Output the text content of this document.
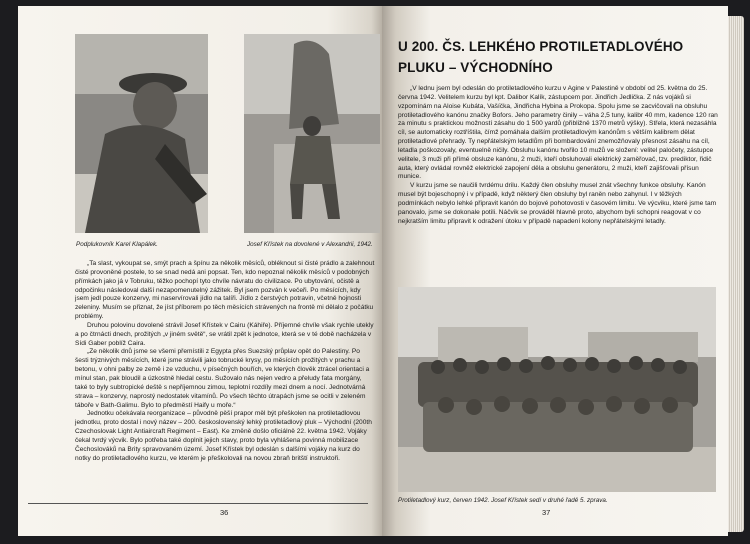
Podplukovník Karel Klapálek.	Josef Křístek na dovolené v Alexandrii, 1942.

„Ta slast, vykoupat se, smýt prach a špínu za několik měsíců, obléknout si čisté prádlo a zalehnout čisté provoněné postele, to se snad nedá ani popsat. Ten, kdo nepoznal několik měsíců v podobných přímkách jako já v Tobruku, těžko pochopí tyto chvíle návratu do civilizace. Po ubytování, očistě a odpočinku následoval další nezapomenutelný zážitek. Byl jsem pozván k večeři. Po měsících, kdy jsem jedl pouze konzervy, mi naservírovali jídlo na talíři. Jídlo z čerstvých potravin, včetně hojnosti zeleniny. Musím se přiznat, že jíst příborem po těch měsících strávených na frontě mi dělalo z počátku problémy.

Druhou polovinu dovolené strávil Josef Křístek v Cairu (Káhiře). Příjemné chvíle však rychle utekly a po čtrnácti dnech, prožitých „v jiném světě“, se vrátil zpět k jednotce, která se v té době nacházela v Sídi Gaber poblíž Caira.

„Ze několik dnů jsme se všemi přemístili z Egypta přes Suezský průplav opět do Palestiny. Po šesti trýznivých měsících, které jsme strávili jako tobrucké krysy, po měsících prožitých v prachu a betonu, v ohni palby ze země i ze vzduchu, v písečných bouřích, ve kterých člověk ztrácel orientaci a mínul stan, pak bloudil a úzkostně hledal cestu. Sužovalo nás nejen vedro a přeludy fata morgány, také to byly subtropické deště s nepříjemnou zimou, teplotní rozdíly mezi dnem a nocí. Jednotvárná strava – konzervy, naprostý nedostatek vitamínů. Po všech těchto útrapách jsme se ocitli v zeleném táboře v Bath-Galimu. Bylo to předměstí Haify u moře.“

Jednotku očekávala reorganizace – původně pěší prapor měl být přeškolen na protiletadlovou jednotku, proto dostal i nový název – 200. československý lehký protiletadlový pluk – Východní (200th Czechoslovak Light Antiaircraft Regiment – East). Ke změně došlo oficiálně 22. května 1942. Vojáky čekal tvrdý výcvik. Bylo potřeba také doplnit jejich stavy, proto byla vyhlášena povinná mobilizace Čechoslováků na Brity spravovaném území. Josef Křístek byl odeslán s dalšími vojáky na kurz do notky do protiletadlového kurzu, ve kterém je přeškolovali na novou zbraň britští instruktoři.

36
U 200. ČS. LEHKÉHO PROTILETADLOVÉHO PLUKU – VÝCHODNÍHO

„V lednu jsem byl odeslán do protiletadlového kurzu v Agine v Palestině v období od 25. května do 25. června 1942. Velitelem kurzu byl kpt. Dalibor Kalík, zástupcem por. Jindřich Jedlička. Z nás vojáků si vzpomínám na Aloise Kubáta, Vašíčka, Jindřicha Hybina a Prokopa. Spolu jsme se zacvičovali na obsluhu protiletadlového kanónu značky Bofors. Jeho parametry činily – váha 2,5 tuny, kalibr 40 mm, kadence 120 ran za minutu s praktickou možností zásahu do 1 500 yardů (přibližně 1370 metrů výšky). Střela, která nezasáhla cíl, se automaticky roztříštila, čímž pomáhala dalším protiletadlovým kanónům s větším kalibrem dělat protiletadlové přehrady. Ty nepřátelským letadlům při bombardování znemožňovaly přesnost zásahu na cíl, letadla poškozovaly, eventuelně ničily. Obsluhu kanónu tvořilo 10 mužů ve složení: velitel paločety, zástupce velitele, 3 muži při přímé obsluze kanónu, 2 muži, kteří obsluhovali elektrický zaměřovač, tzv. prediktor, řidič auta, který ovládal rovněž elektrické zapojení děla a obsluhu generátoru, 2 muži, kteří zajišťovali přísun munice.

V kurzu jsme se naučili tvrdému drilu. Každý člen obsluhy musel znát všechny funkce obsluhy. Kanón musel být bojeschopný i v případě, když některý člen obsluhy byl raněn nebo zahynul. I v těžkých podmínkách nebylo lehké připravit kanón do bojové pohotovosti v časovém limitu. Ve výcviku, které jsme tam panovalo, jsme se dokonale potili. Náčvik se prováděl hlavně proto, abychom byli schopni reagovat v co nejkratším limitu připravit k odražení útoku v případě napadení kolony nepřátelskými letadly.

Protiletadlový kurz, červen 1942. Josef Křístek sedí v druhé řadě 5. zprava.
37
